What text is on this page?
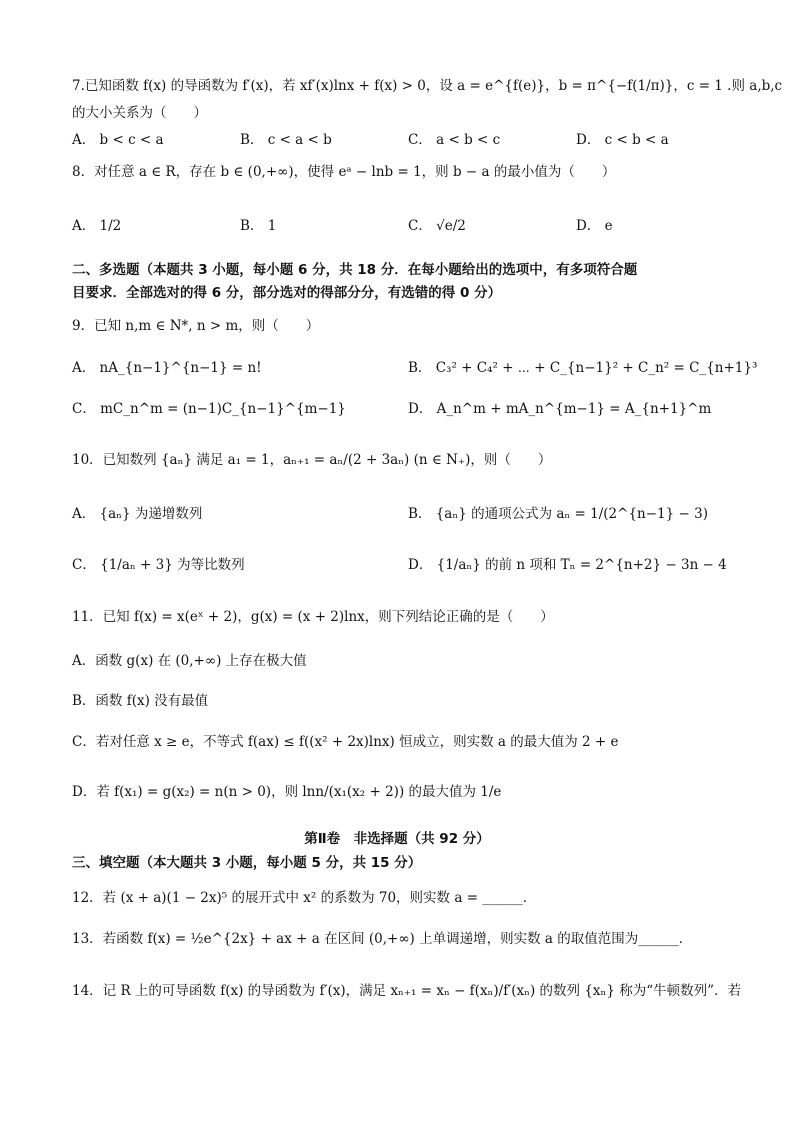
7.已知函数 f(x) 的导函数为 f′(x)，若 xf′(x)lnx + f(x) > 0，设 a = e^{f(e)}，b = π^{−f(1/π)}，c = 1 .则 a,b,c
的大小关系为（　　）
A． b < c < a	B． c < a < b	C． a < b < c	D． c < b < a
8．对任意 a ∈ R，存在 b ∈ (0,+∞)，使得 eᵃ − lnb = 1，则 b − a 的最小值为（　　）
A． 1/2	B． 1	C． √e/2	D． e
二、多选题（本题共 3 小题，每小题 6 分，共 18 分．在每小题给出的选项中，有多项符合题
目要求．全部选对的得 6 分，部分选对的得部分分，有选错的得 0 分）
9．已知 n,m ∈ N*, n > m，则（　　）
A． nA_{n−1}^{n−1} = n!	B． C₃² + C₄² + ⋯ + C_{n−1}² + C_n² = C_{n+1}³
C． mC_n^m = (n−1)C_{n−1}^{m−1}	D． A_n^m + mA_n^{m−1} = A_{n+1}^m
10．已知数列 {aₙ} 满足 a₁ = 1，aₙ₊₁ = aₙ/(2 + 3aₙ) (n ∈ N₊)，则（　　）
A． {aₙ} 为递增数列	B． {aₙ} 的通项公式为 aₙ = 1/(2^{n−1} − 3)
C． {1/aₙ + 3} 为等比数列	D． {1/aₙ} 的前 n 项和 Tₙ = 2^{n+2} − 3n − 4
11．已知 f(x) = x(eˣ + 2)，g(x) = (x + 2)lnx，则下列结论正确的是（　　）
A．函数 g(x) 在 (0,+∞) 上存在极大值
B．函数 f(x) 没有最值
C．若对任意 x ≥ e，不等式 f(ax) ≤ f((x² + 2x)lnx) 恒成立，则实数 a 的最大值为 2 + e
D．若 f(x₁) = g(x₂) = n(n > 0)，则 lnn/(x₁(x₂ + 2)) 的最大值为 1/e
第Ⅱ卷　非选择题（共 92 分）
三、填空题（本大题共 3 小题，每小题 5 分，共 15 分）
12．若 (x + a)(1 − 2x)⁵ 的展开式中 x² 的系数为 70，则实数 a = ______．
13．若函数 f(x) = ½e^{2x} + ax + a 在区间 (0,+∞) 上单调递增，则实数 a 的取值范围为______．
14．记 R 上的可导函数 f(x) 的导函数为 f′(x)，满足 xₙ₊₁ = xₙ − f(xₙ)/f′(xₙ) 的数列 {xₙ} 称为“牛顿数列”．若
